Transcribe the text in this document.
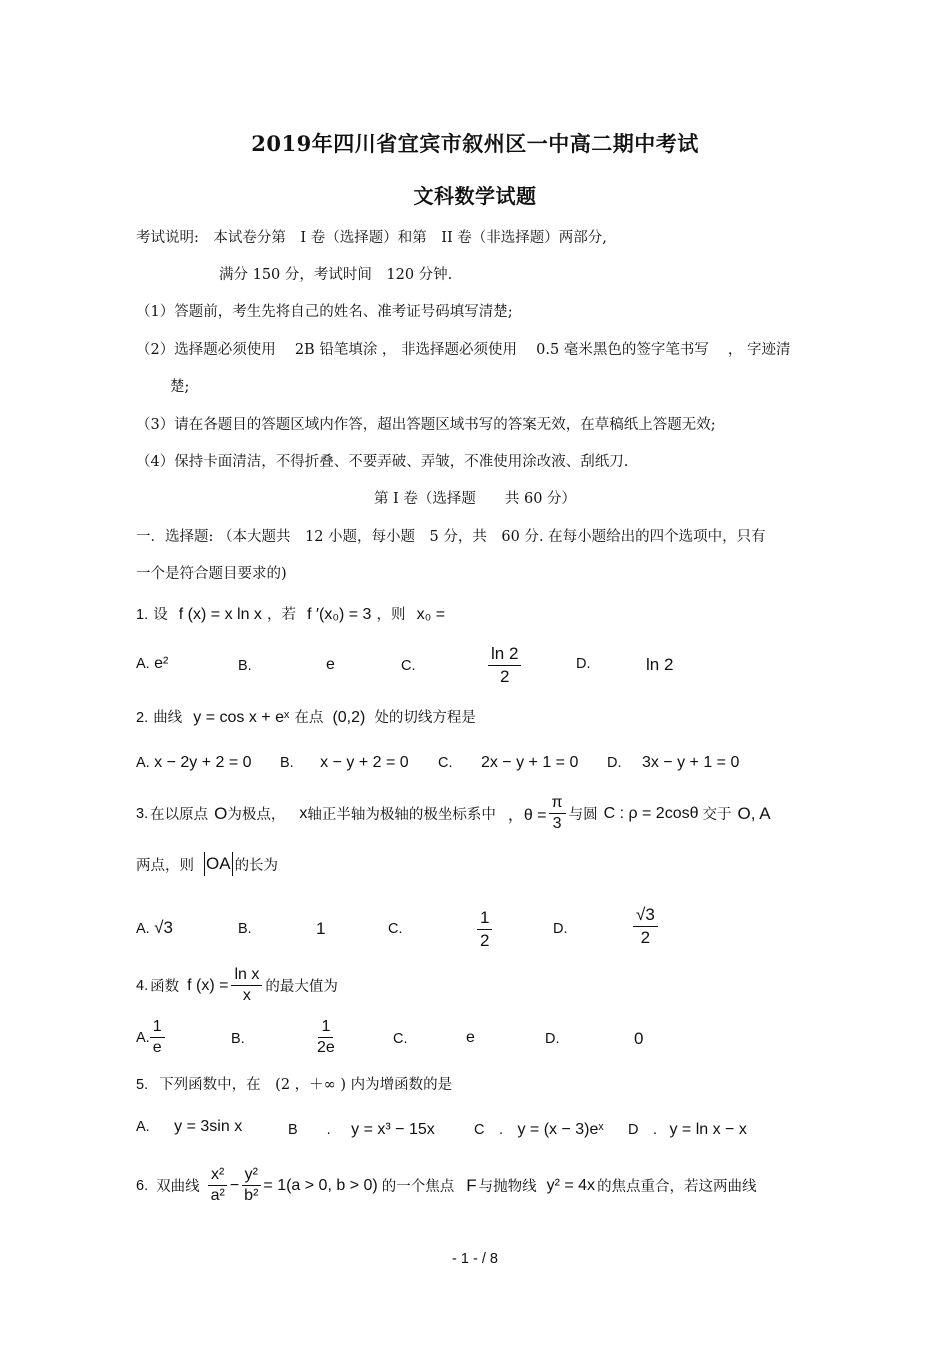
2019年四川省宜宾市叙州区一中高二期中考试
文科数学试题
考试说明:　本试卷分第　I 卷（选择题）和第　II 卷（非选择题）两部分,
满分 150 分，考试时间　120 分钟.
（1）答题前，考生先将自己的姓名、准考证号码填写清楚;
（2）选择题必须使用　 2B 铅笔填涂 ， 非选择题必须使用　 0.5 毫米黑色的签字笔书写　 ， 字迹清
楚;
（3）请在各题目的答题区域内作答，超出答题区域书写的答案无效，在草稿纸上答题无效;
（4）保持卡面清洁，不得折叠、不要弄破、弄皱，不准使用涂改液、刮纸刀.
第 I 卷（选择题　　共 60 分）
一．选择题: （本大题共　12 小题，每小题　5 分，共　60 分. 在每小题给出的四个选项中，只有
一个是符合题目要求的)
1. 设 f (x) = x ln x ，若 f ′(x₀) = 3 ，则 x₀ =
A. e²	B.	e	C.	$\frac{\ln 2}{2}$	D.	ln 2
2. 曲线 y = cos x + eˣ 在点 (0,2) 处的切线方程是
A. x − 2y + 2 = 0 B. x − y + 2 = 0 C. 2x − y + 1 = 0 D. 3x − y + 1 = 0
3. 在以原点 O 为极点， x 轴正半轴为极轴的极坐标系中 ，$\theta = \frac{\pi}{3}$ 与圆 C : ρ = 2cosθ 交于 O, A
两点，则 OA 的长为
A. √3	B.	1	C.	$\frac{1}{2}$	D.	$\frac{√3}{2}$
4. 函数 f $(x) = \frac{\text{ln x}}{x}$ 的最大值为
A. $\frac{1}{e}$	B.	$\frac{1}{2e}$	C.	e	D.	0
5. 下列函数中，在　(2 ，＋∞ ) 内为增函数的是
A. y = 3sin x	B　　. y = x³ − 15x	C　. y = (x − 3)eˣ D　. y = ln x − x
6. 双曲线 $\frac{\text{x²}}{\text{a²}} - \frac{\text{y²}}{\text{b²}} = 1(a > 0$, b > 0) 的一个焦点 F 与抛物线 y² = 4x 的焦点重合，若这两曲线
- 1 - / 8
